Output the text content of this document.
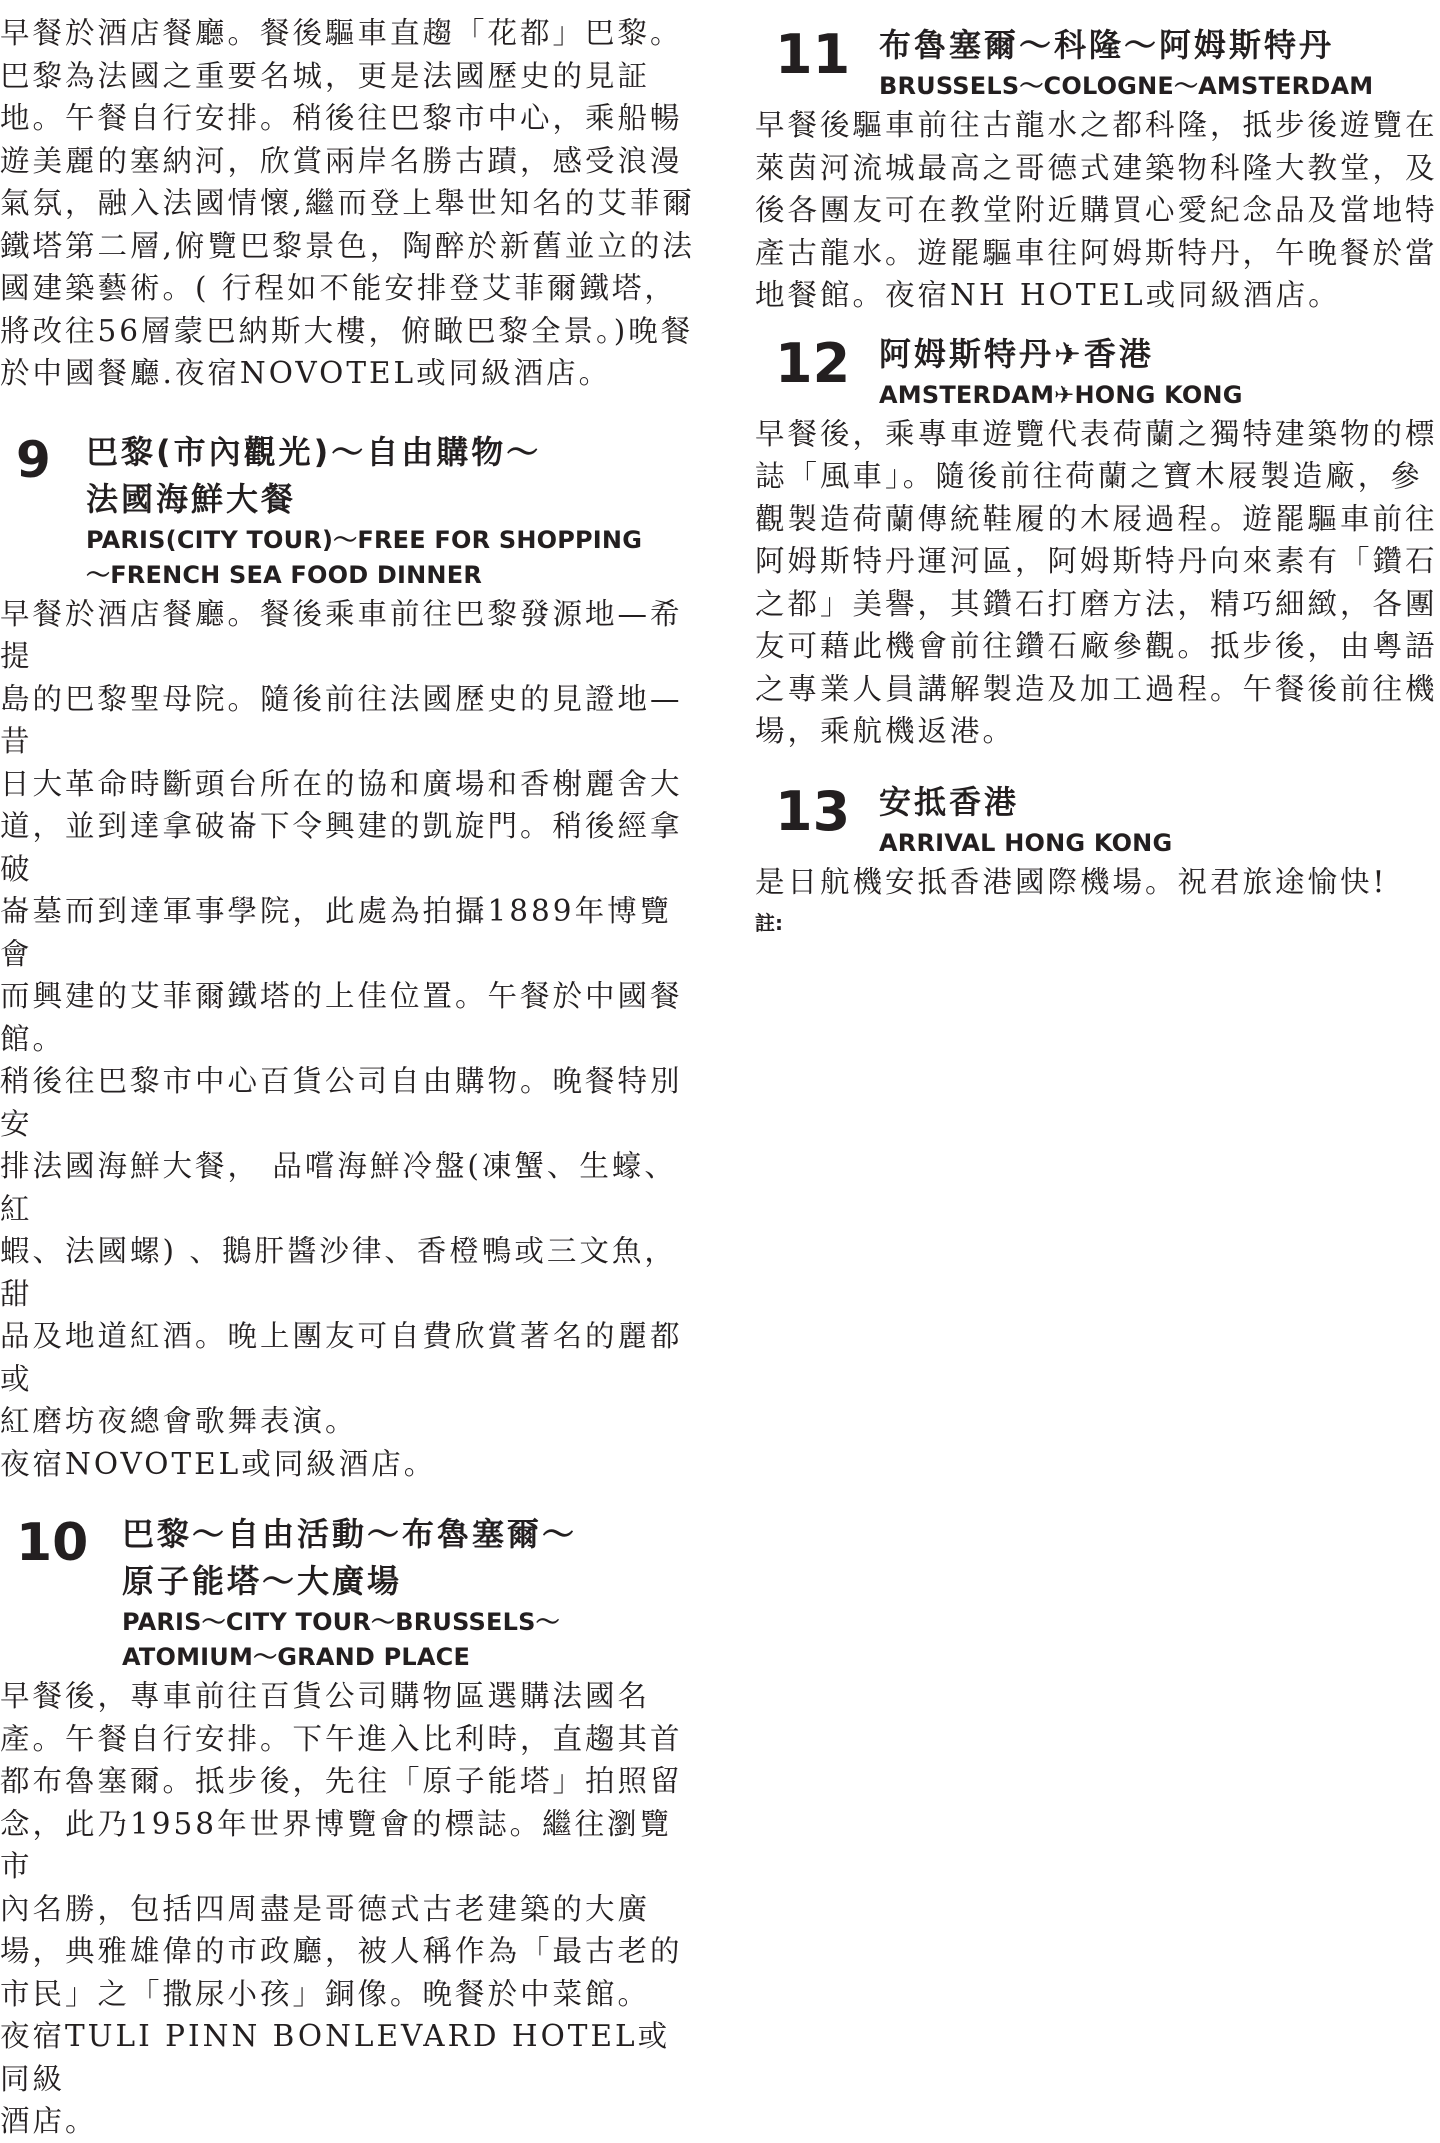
早餐於酒店餐廳。餐後驅車直趨「花都」巴黎。
巴黎為法國之重要名城，更是法國歷史的見証
地。午餐自行安排。稍後往巴黎市中心，乘船暢
遊美麗的塞納河，欣賞兩岸名勝古蹟，感受浪漫
氣氛，融入法國情懷,繼而登上舉世知名的艾菲爾
鐵塔第二層,俯覽巴黎景色，陶醉於新舊並立的法
國建築藝術。( 行程如不能安排登艾菲爾鐵塔，
將改往56層蒙巴納斯大樓，俯瞰巴黎全景。)晚餐
於中國餐廳.夜宿NOVOTEL或同級酒店。

9	巴黎(市內觀光)～自由購物～
法國海鮮大餐
PARIS(CITY TOUR)～FREE FOR SHOPPING
～FRENCH SEA FOOD DINNER

早餐於酒店餐廳。餐後乘車前往巴黎發源地—希提
島的巴黎聖母院。隨後前往法國歷史的見證地—昔
日大革命時斷頭台所在的協和廣場和香榭麗舍大
道，並到達拿破崙下令興建的凱旋門。稍後經拿破
崙墓而到達軍事學院，此處為拍攝1889年博覽會
而興建的艾菲爾鐵塔的上佳位置。午餐於中國餐館。
稍後往巴黎市中心百貨公司自由購物。晚餐特別安
排法國海鮮大餐， 品嚐海鮮冷盤(凍蟹、生蠔、紅
蝦、法國螺) 、鵝肝醬沙律、香橙鴨或三文魚，甜
品及地道紅酒。晚上團友可自費欣賞著名的麗都或
紅磨坊夜總會歌舞表演。
夜宿NOVOTEL或同級酒店。

10	巴黎～自由活動～布魯塞爾～
原子能塔～大廣場
PARIS～CITY TOUR～BRUSSELS～
ATOMIUM～GRAND PLACE

早餐後，專車前往百貨公司購物區選購法國名
產。午餐自行安排。下午進入比利時，直趨其首
都布魯塞爾。抵步後，先往「原子能塔」拍照留
念，此乃1958年世界博覽會的標誌。繼往瀏覽市
內名勝，包括四周盡是哥德式古老建築的大廣
場，典雅雄偉的市政廳，被人稱作為「最古老的
市民」之「撒尿小孩」銅像。晚餐於中菜館。
夜宿TULI PINN BONLEVARD HOTEL或同級
酒店。

11 布魯塞爾～科隆～阿姆斯特丹
BRUSSELS～COLOGNE～AMSTERDAM

早餐後驅車前往古龍水之都科隆，抵步後遊覽在
萊茵河流城最高之哥德式建築物科隆大教堂，及
後各團友可在教堂附近購買心愛紀念品及當地特
產古龍水。遊罷驅車往阿姆斯特丹，午晚餐於當
地餐館。夜宿NH HOTEL或同級酒店。

12 阿姆斯特丹✈香港
AMSTERDAM✈HONG KONG

早餐後，乘專車遊覽代表荷蘭之獨特建築物的標
誌「風車」。隨後前往荷蘭之寶木屐製造廠，參
觀製造荷蘭傳統鞋履的木屐過程。遊罷驅車前往
阿姆斯特丹運河區，阿姆斯特丹向來素有「鑽石
之都」美譽，其鑽石打磨方法，精巧細緻，各團
友可藉此機會前往鑽石廠參觀。抵步後，由粵語
之專業人員講解製造及加工過程。午餐後前往機
場，乘航機返港。

13 安抵香港
ARRIVAL HONG KONG

是日航機安抵香港國際機場。祝君旅途愉快!

註:
